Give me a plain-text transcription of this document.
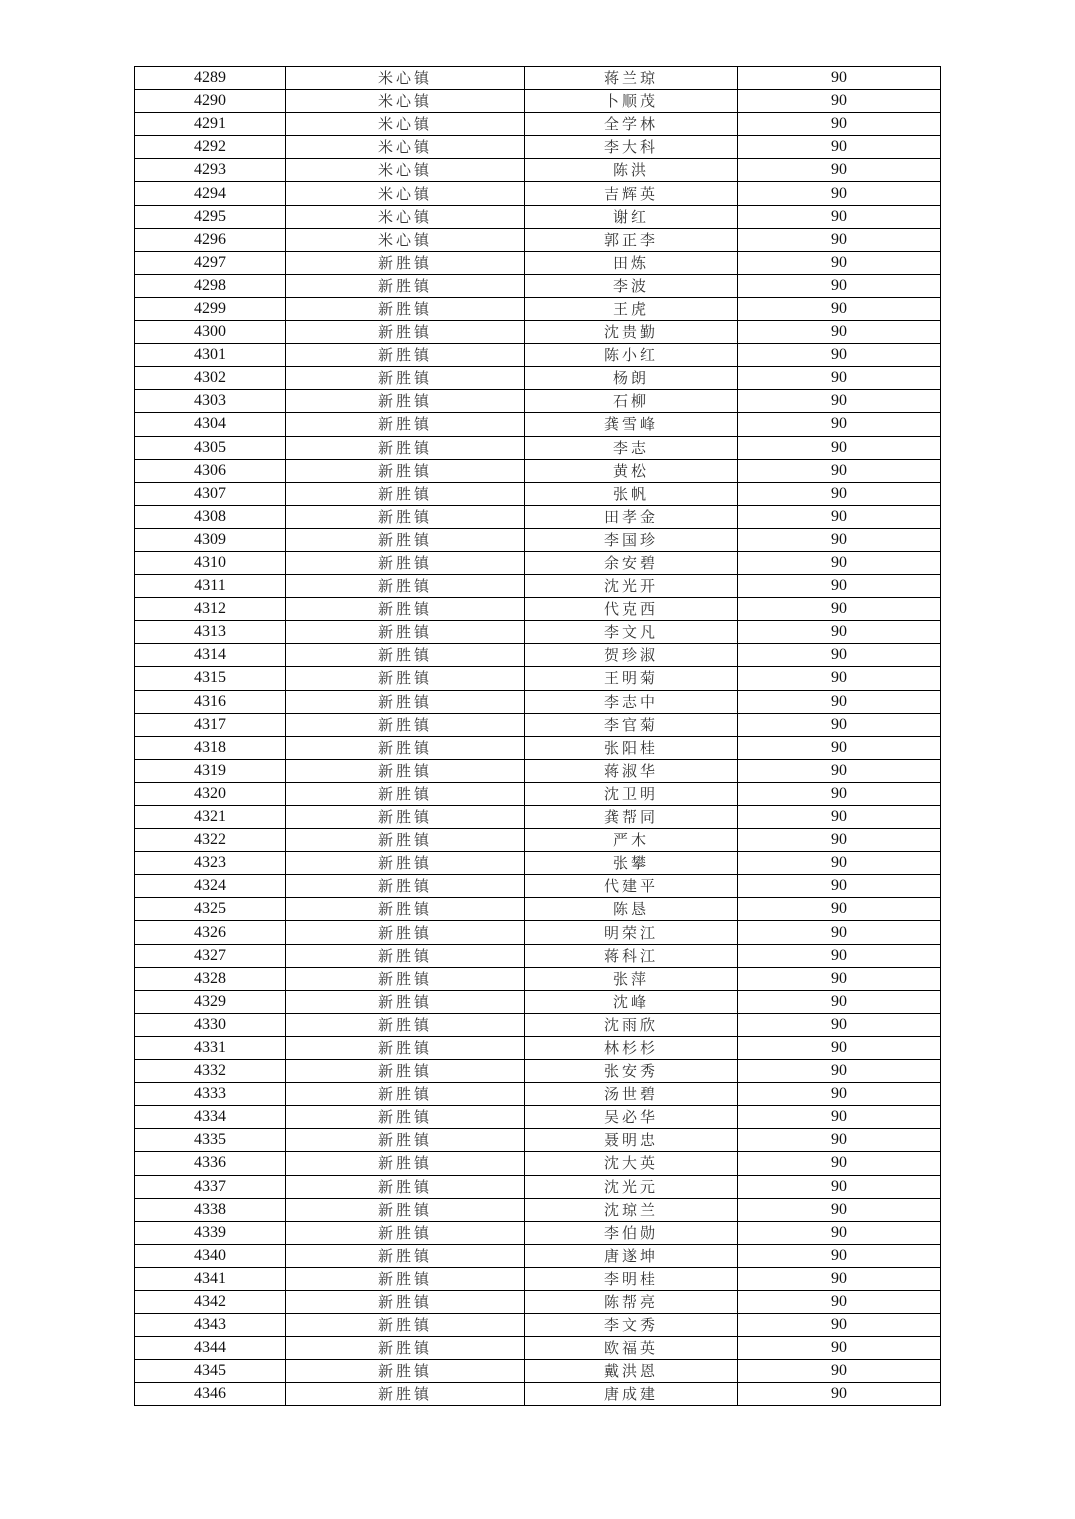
4289	米心镇	蒋兰琼	90
4290	米心镇	卜顺茂	90
4291	米心镇	全学林	90
4292	米心镇	李大科	90
4293	米心镇	陈洪	90
4294	米心镇	吉辉英	90
4295	米心镇	谢红	90
4296	米心镇	郭正李	90
4297	新胜镇	田炼	90
4298	新胜镇	李波	90
4299	新胜镇	王虎	90
4300	新胜镇	沈贵勤	90
4301	新胜镇	陈小红	90
4302	新胜镇	杨朗	90
4303	新胜镇	石柳	90
4304	新胜镇	龚雪峰	90
4305	新胜镇	李志	90
4306	新胜镇	黄松	90
4307	新胜镇	张帆	90
4308	新胜镇	田孝金	90
4309	新胜镇	李国珍	90
4310	新胜镇	余安碧	90
4311	新胜镇	沈光开	90
4312	新胜镇	代克西	90
4313	新胜镇	李文凡	90
4314	新胜镇	贺珍淑	90
4315	新胜镇	王明菊	90
4316	新胜镇	李志中	90
4317	新胜镇	李官菊	90
4318	新胜镇	张阳桂	90
4319	新胜镇	蒋淑华	90
4320	新胜镇	沈卫明	90
4321	新胜镇	龚帮同	90
4322	新胜镇	严木	90
4323	新胜镇	张攀	90
4324	新胜镇	代建平	90
4325	新胜镇	陈恳	90
4326	新胜镇	明荣江	90
4327	新胜镇	蒋科江	90
4328	新胜镇	张萍	90
4329	新胜镇	沈峰	90
4330	新胜镇	沈雨欣	90
4331	新胜镇	林杉杉	90
4332	新胜镇	张安秀	90
4333	新胜镇	汤世碧	90
4334	新胜镇	吴必华	90
4335	新胜镇	聂明忠	90
4336	新胜镇	沈大英	90
4337	新胜镇	沈光元	90
4338	新胜镇	沈琼兰	90
4339	新胜镇	李伯勋	90
4340	新胜镇	唐遂坤	90
4341	新胜镇	李明桂	90
4342	新胜镇	陈帮亮	90
4343	新胜镇	李文秀	90
4344	新胜镇	欧福英	90
4345	新胜镇	戴洪恩	90
4346	新胜镇	唐成建	90
